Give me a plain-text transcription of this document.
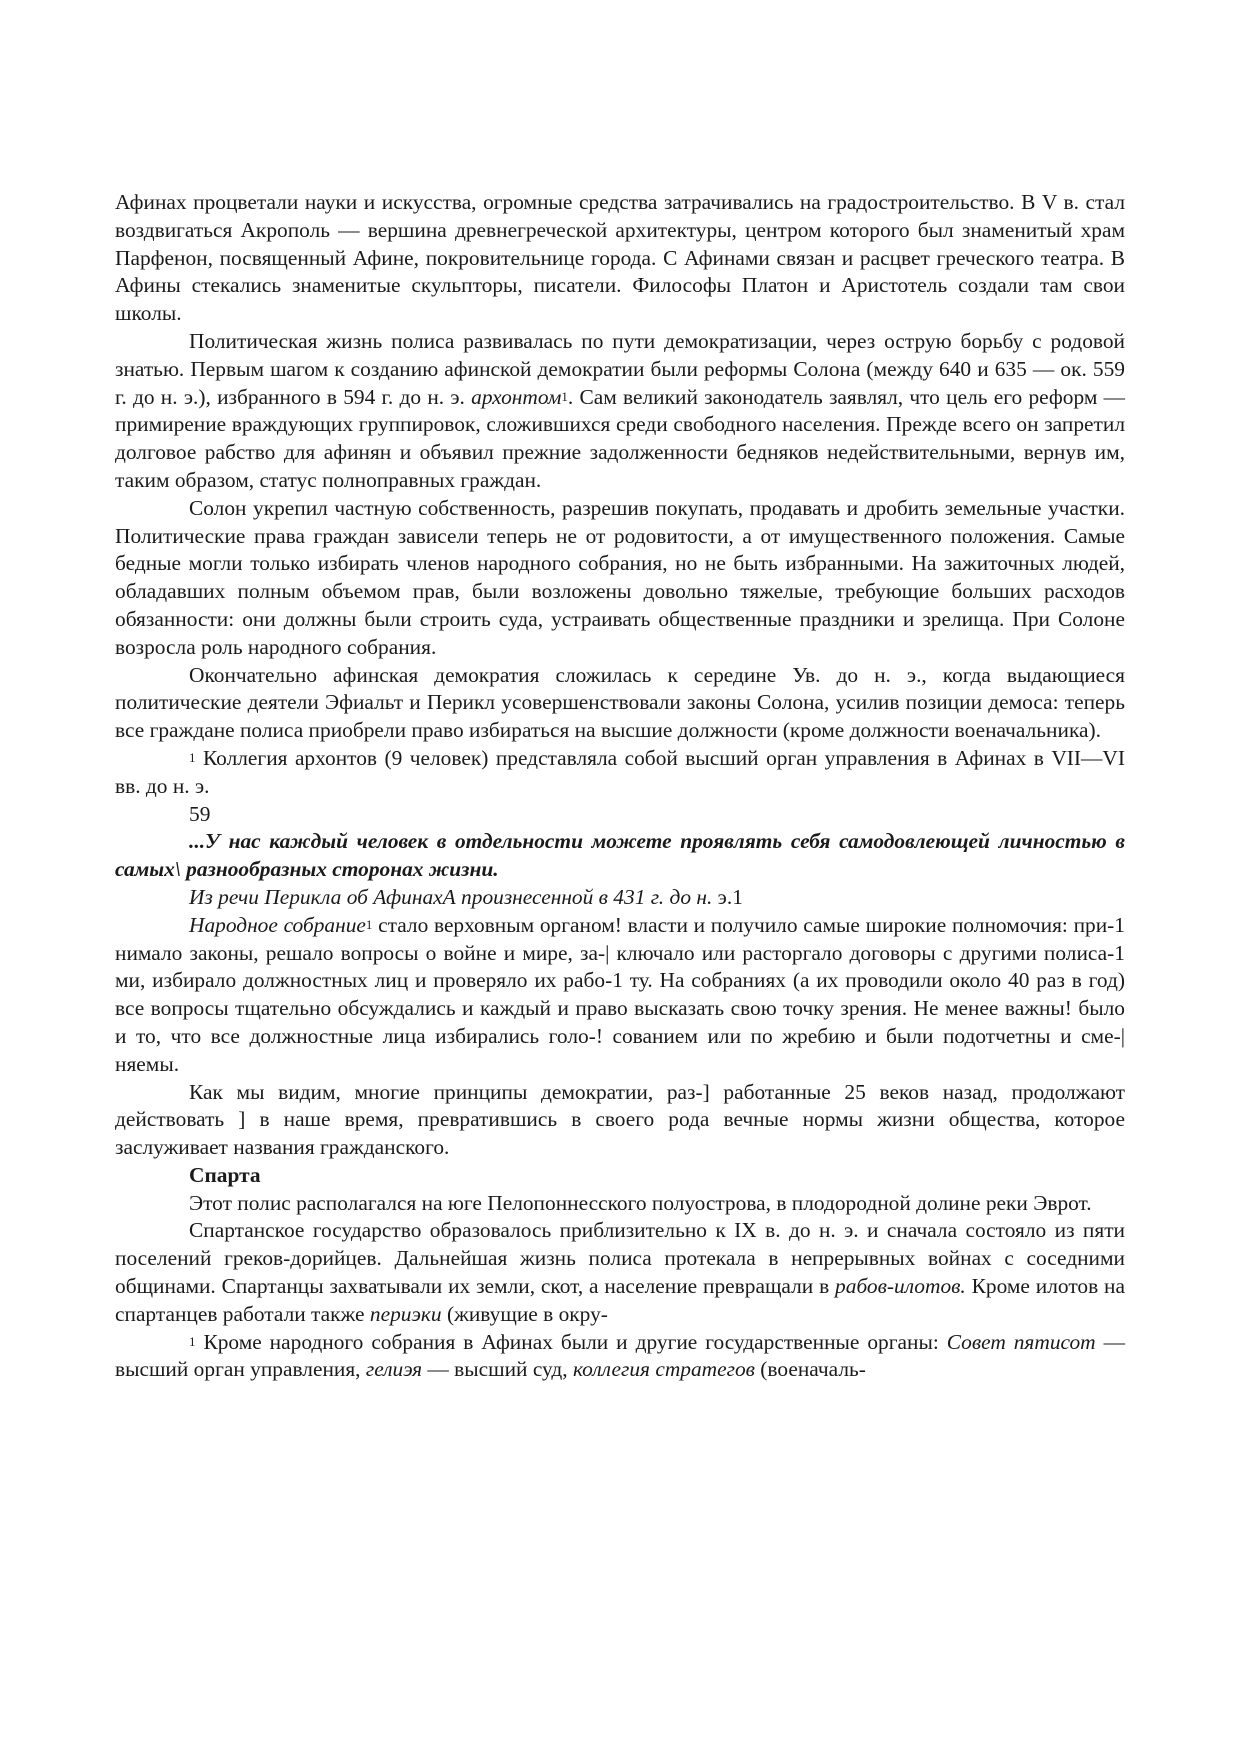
Афинах процветали науки и искусства, огромные средства затрачивались на градостроительство. В V в. стал воздвигаться Акрополь — вершина древнегреческой архитектуры, центром которого был знаменитый храм Парфенон, посвященный Афине, покровительнице города. С Афинами связан и расцвет греческого театра. В Афины стекались знаменитые скульпторы, писатели. Философы Платон и Аристотель создали там свои школы.

Политическая жизнь полиса развивалась по пути демократизации, через острую борьбу с родовой знатью. Первым шагом к созданию афинской демократии были реформы Солона (между 640 и 635 — ок. 559 г. до н. э.), избранного в 594 г. до н. э. архонтом$^1$. Сам великий законодатель заявлял, что цель его реформ — примирение враждующих группировок, сложившихся среди свободного населения. Прежде всего он запретил долговое рабство для афинян и объявил прежние задолженности бедняков недействительными, вернув им, таким образом, статус полноправных граждан.

Солон укрепил частную собственность, разрешив покупать, продавать и дробить земельные участки. Политические права граждан зависели теперь не от родовитости, а от имущественного положения. Самые бедные могли только избирать членов народного собрания, но не быть избранными. На зажиточных людей, обладавших полным объемом прав, были возложены довольно тяжелые, требующие больших расходов обязанности: они должны были строить суда, устраивать общественные праздники и зрелища. При Солоне возросла роль народного собрания.

Окончательно афинская демократия сложилась к середине Ув. до н. э., когда выдающиеся политические деятели Эфиальт и Перикл усовершенствовали законы Солона, усилив позиции демоса: теперь все граждане полиса приобрели право избираться на высшие должности (кроме должности военачальника).

$^1$ Коллегия архонтов (9 человек) представляла собой высший орган управления в Афинах в VII—VI вв. до н. э.

59

...У нас каждый человек в отдельности можете проявлять себя самодовлеющей личностью в самых\ разнообразных сторонах жизни.

Из речи Перикла об АфинахА произнесенной в 431 г. до н. э.1

Народное собрание$^1$ стало верховным органом! власти и получило самые широкие полномочия: при-1 нимало законы, решало вопросы о войне и мире, за-| ключало или расторгало договоры с другими полиса-1 ми, избирало должностных лиц и проверяло их рабо-1 ту. На собраниях (а их проводили около 40 раз в год) все вопросы тщательно обсуждались и каждый и право высказать свою точку зрения. Не менее важны! было и то, что все должностные лица избирались голо-! сованием или по жребию и были подотчетны и сме-| няемы.

Как мы видим, многие принципы демократии, раз-] работанные 25 веков назад, продолжают действовать ] в наше время, превратившись в своего рода вечные нормы жизни общества, которое заслуживает названия гражданского.

Спарта

Этот полис располагался на юге Пелопоннесского полуострова, в плодородной долине реки Эврот.

Спартанское государство образовалось приблизительно к IX в. до н. э. и сначала состояло из пяти поселений греков-дорийцев. Дальнейшая жизнь полиса протекала в непрерывных войнах с соседними общинами. Спартанцы захватывали их земли, скот, а население превращали в рабов-илотов. Кроме илотов на спартанцев работали также периэки (живущие в окру-

$^1$ Кроме народного собрания в Афинах были и другие государственные органы: Совет пятисот — высший орган управления, гелиэя — высший суд, коллегия стратегов (военачаль-
